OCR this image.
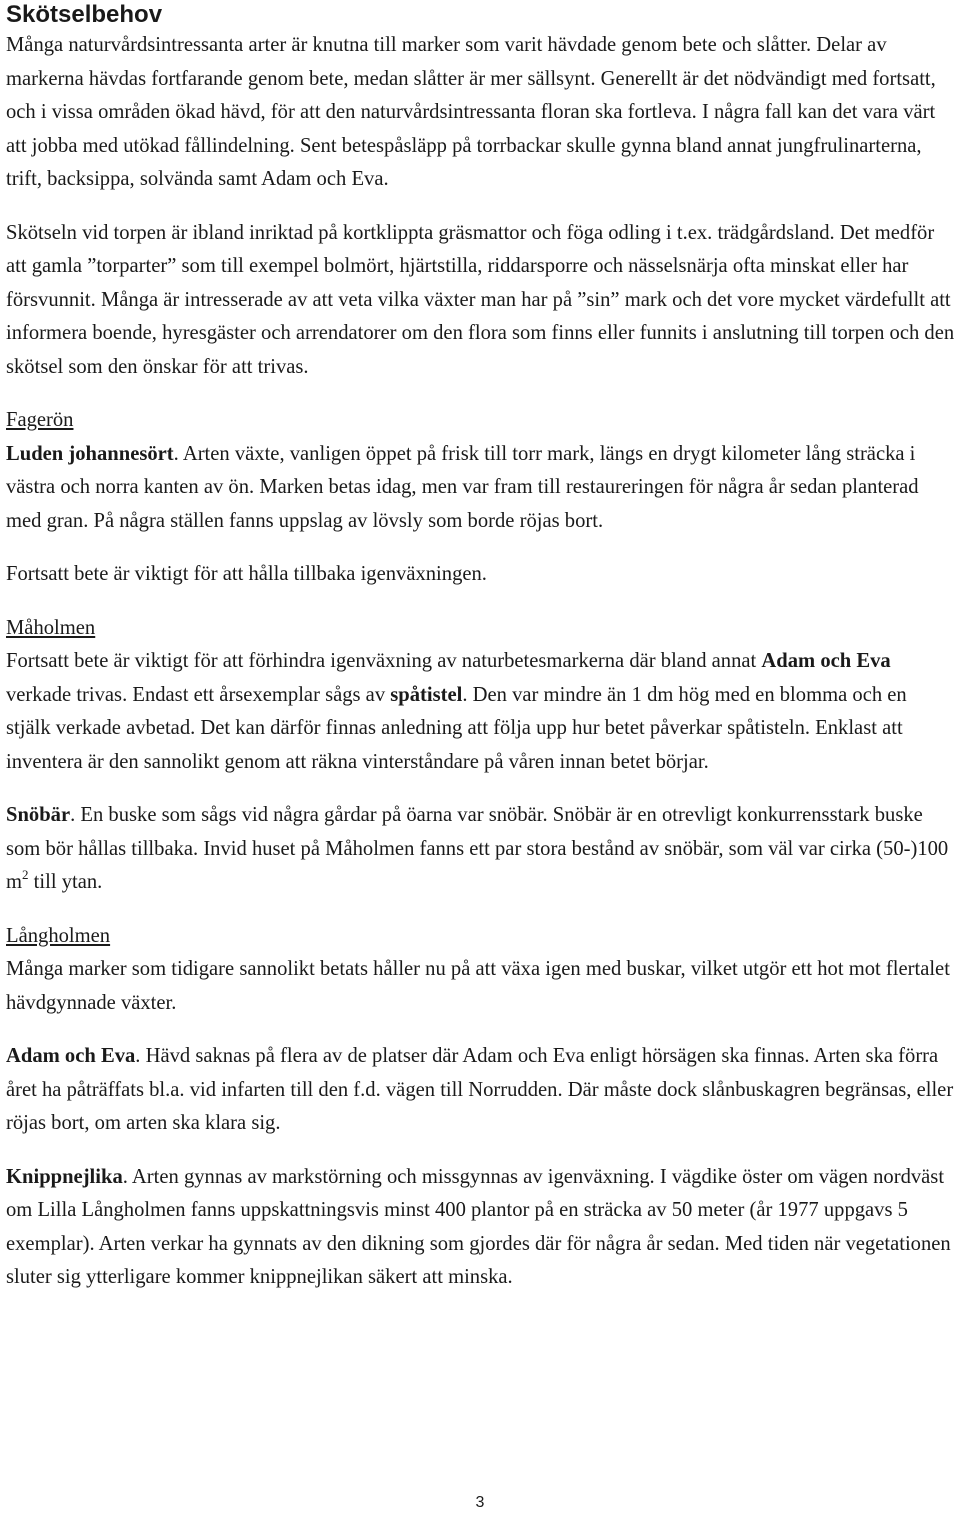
Skötselbehov

Många naturvårdsintressanta arter är knutna till marker som varit hävdade genom bete och slåtter. Delar av markerna hävdas fortfarande genom bete, medan slåtter är mer sällsynt. Generellt är det nödvändigt med fortsatt, och i vissa områden ökad hävd, för att den naturvårdsintressanta floran ska fortleva. I några fall kan det vara värt att jobba med utökad fållindelning. Sent betespåsläpp på torrbackar skulle gynna bland annat jungfrulinarterna, trift, backsippa, solvända samt Adam och Eva.

Skötseln vid torpen är ibland inriktad på kortklippta gräsmattor och föga odling i t.ex. trädgårdsland. Det medför att gamla ”torparter” som till exempel bolmört, hjärtstilla, riddarsporre och nässelsnärja ofta minskat eller har försvunnit. Många är intresserade av att veta vilka växter man har på ”sin” mark och det vore mycket värdefullt att informera boende, hyresgäster och arrendatorer om den flora som finns eller funnits i anslutning till torpen och den skötsel som den önskar för att trivas.

Fagerön

Luden johannesört. Arten växte, vanligen öppet på frisk till torr mark, längs en drygt kilometer lång sträcka i västra och norra kanten av ön. Marken betas idag, men var fram till restaureringen för några år sedan planterad med gran. På några ställen fanns uppslag av lövsly som borde röjas bort.

Fortsatt bete är viktigt för att hålla tillbaka igenväxningen.

Måholmen

Fortsatt bete är viktigt för att förhindra igenväxning av naturbetesmarkerna där bland annat Adam och Eva verkade trivas. Endast ett årsexemplar sågs av spåtistel. Den var mindre än 1 dm hög med en blomma och en stjälk verkade avbetad. Det kan därför finnas anledning att följa upp hur betet påverkar spåtisteln. Enklast att inventera är den sannolikt genom att räkna vinterståndare på våren innan betet börjar.

Snöbär. En buske som sågs vid några gårdar på öarna var snöbär. Snöbär är en otrevligt konkurrensstark buske som bör hållas tillbaka. Invid huset på Måholmen fanns ett par stora bestånd av snöbär, som väl var cirka (50-)100 $m^2$ till ytan.

Långholmen

Många marker som tidigare sannolikt betats håller nu på att växa igen med buskar, vilket utgör ett hot mot flertalet hävdgynnade växter.

Adam och Eva. Hävd saknas på flera av de platser där Adam och Eva enligt hörsägen ska finnas. Arten ska förra året ha påträffats bl.a. vid infarten till den f.d. vägen till Norrudden. Där måste dock slånbuskagren begränsas, eller röjas bort, om arten ska klara sig.

Knippnejlika. Arten gynnas av markstörning och missgynnas av igenväxning. I vägdike öster om vägen nordväst om Lilla Långholmen fanns uppskattningsvis minst 400 plantor på en sträcka av 50 meter (år 1977 uppgavs 5 exemplar). Arten verkar ha gynnats av den dikning som gjordes där för några år sedan. Med tiden när vegetationen sluter sig ytterligare kommer knippnejlikan säkert att minska.

3
